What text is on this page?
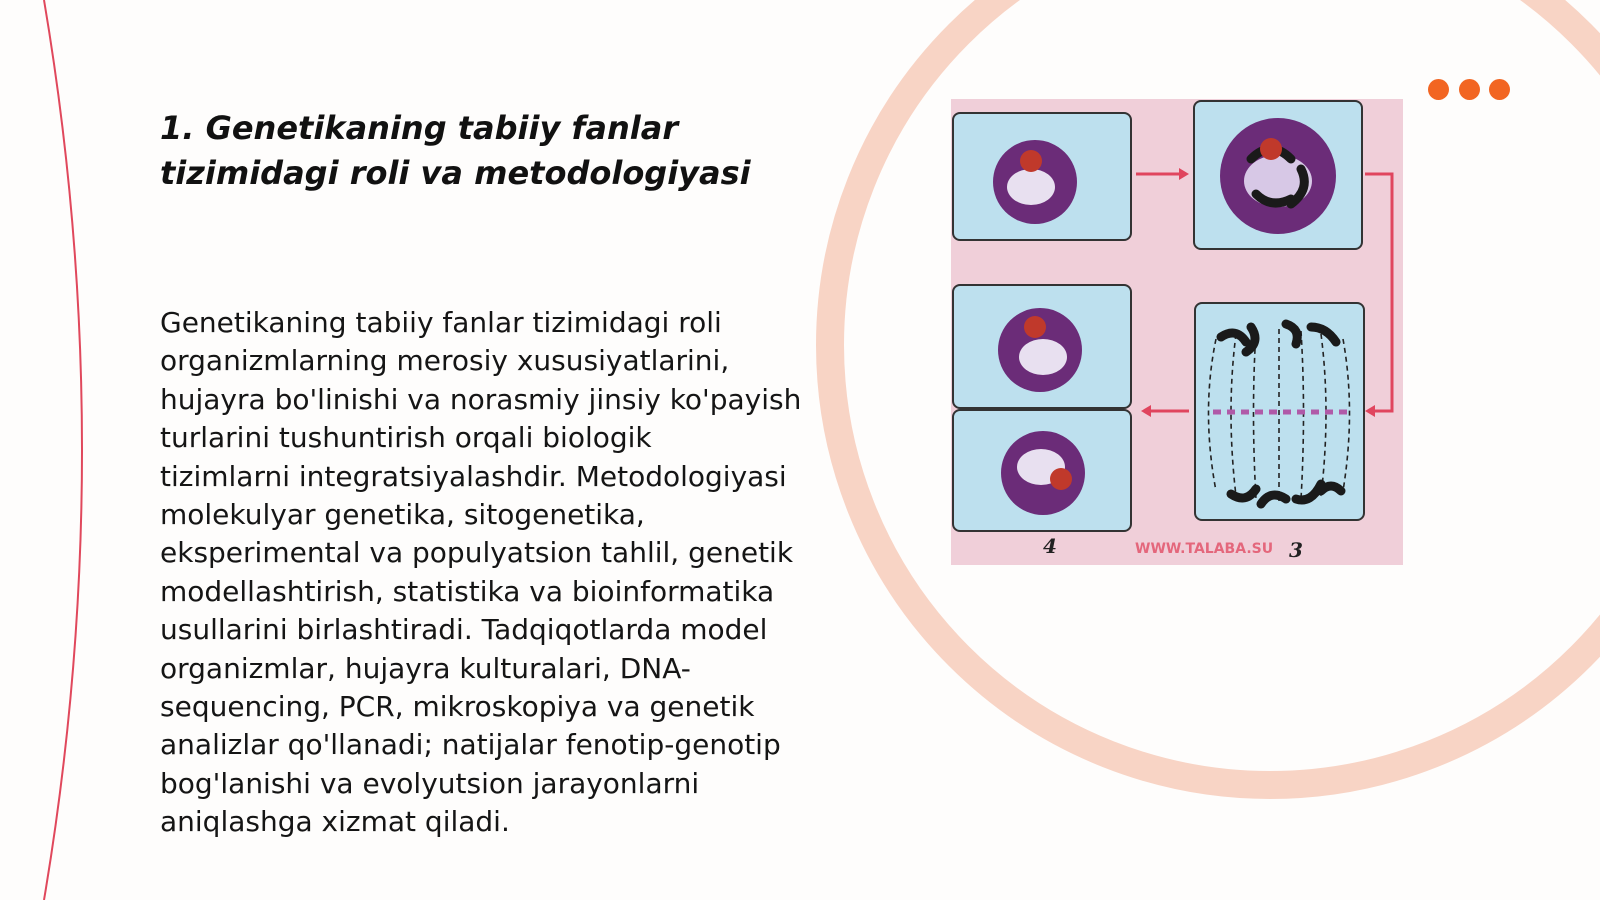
1. Genetikaning tabiiy fanlar tizimidagi roli va metodologiyasi

Genetikaning tabiiy fanlar tizimidagi roli
organizmlarning merosiy xususiyatlarini,
hujayra bo'linishi va norasmiy jinsiy ko'payish
turlarini tushuntirish orqali biologik
tizimlarni integratsiyalashdir. Metodologiyasi
molekulyar genetika, sitogenetika,
eksperimental va populyatsion tahlil, genetik
modellashtirish, statistika va bioinformatika
usullarini birlashtiradi. Tadqiqotlarda model
organizmlar, hujayra kulturalari, DNA-
sequencing, PCR, mikroskopiya va genetik
analizlar qo'llanadi; natijalar fenotip-genotip
bog'lanishi va evolyutsion jarayonlarni
aniqlashga xizmat qiladi.

4	WWW.TALABA.SU 3
